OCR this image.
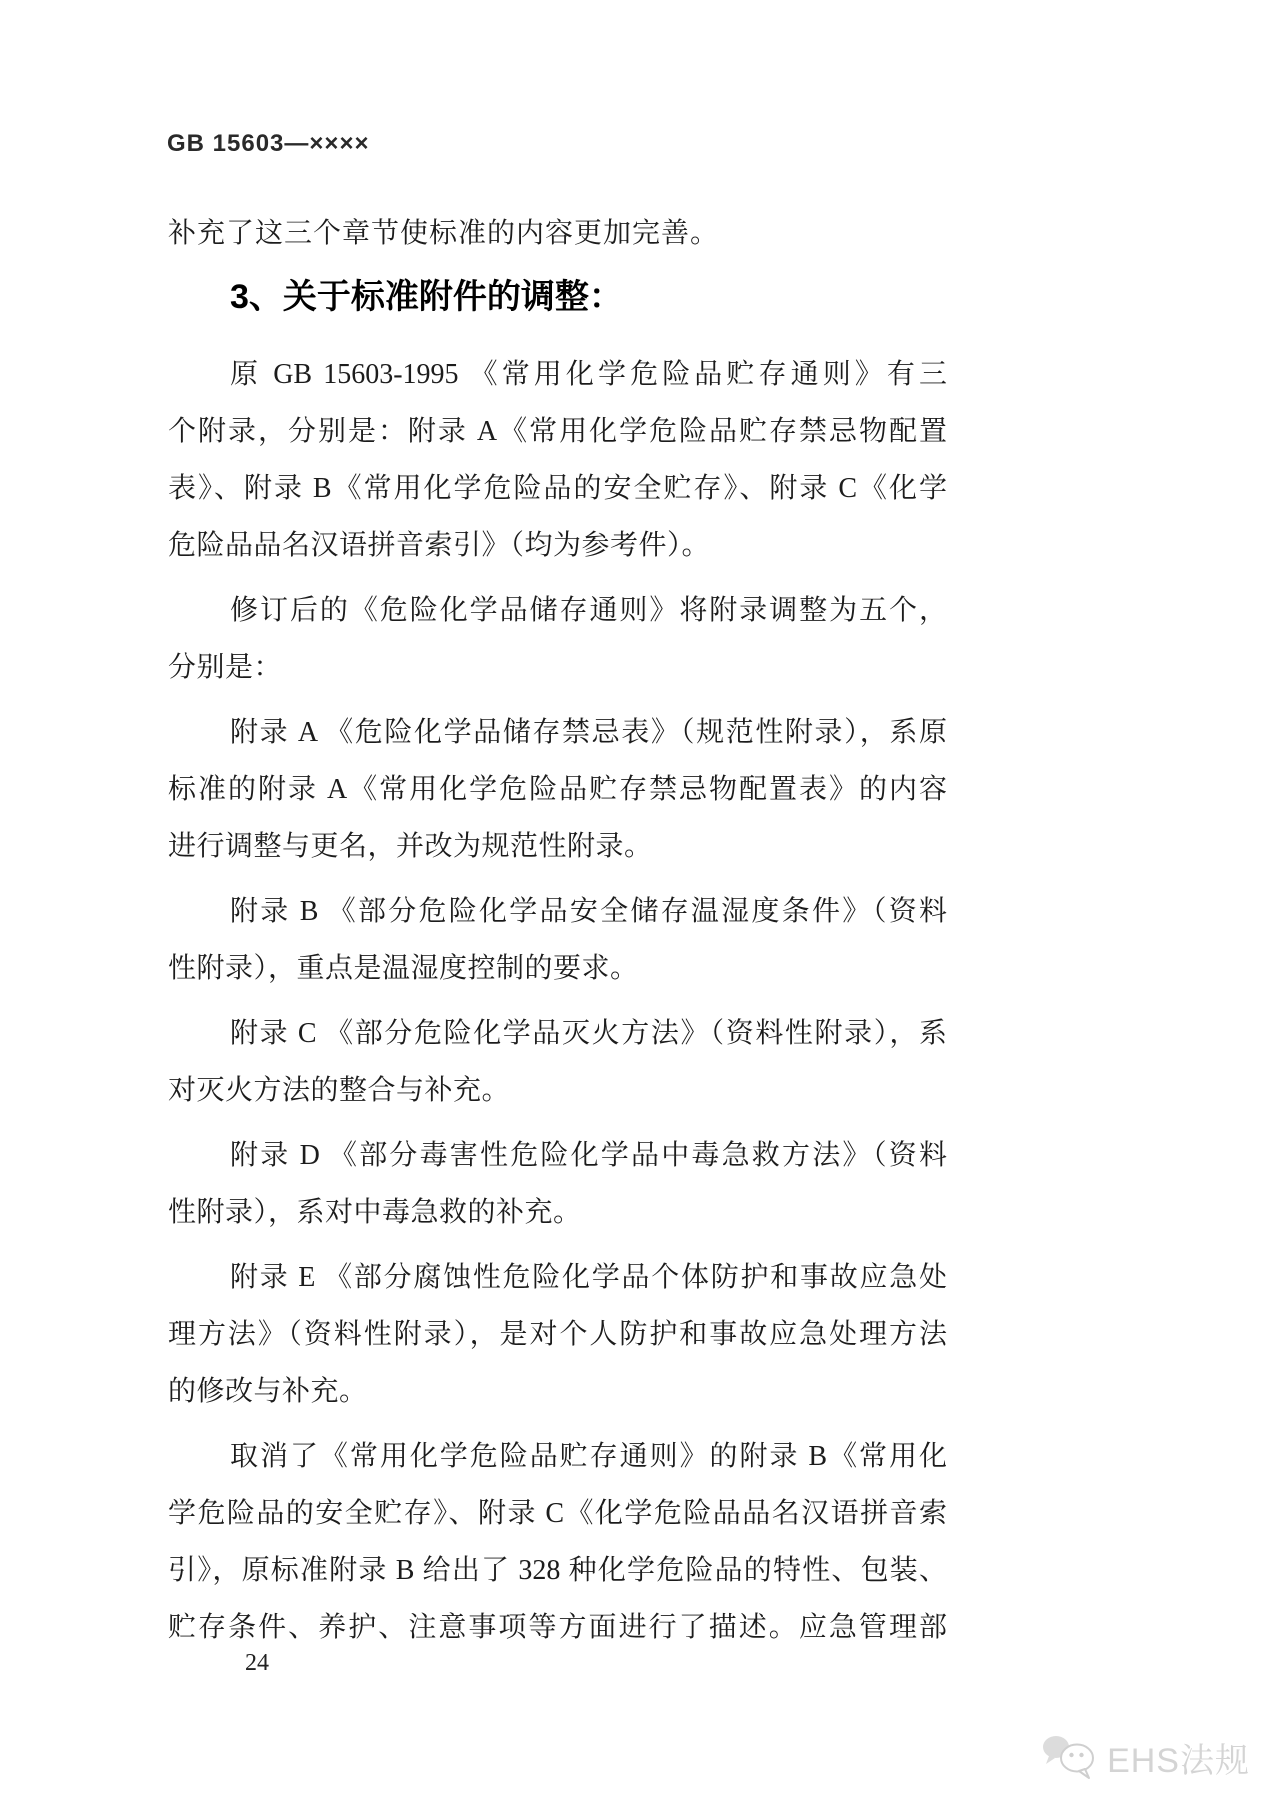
GB 15603—××××
补充了这三个章节使标准的内容更加完善。
3、关于标准附件的调整：
原 GB 15603-1995 《常用化学危险品贮存通则》有三
个附录，分别是：附录 A《常用化学危险品贮存禁忌物配置
表》、附录 B《常用化学危险品的安全贮存》、附录 C《化学
危险品品名汉语拼音索引》（均为参考件）。
修订后的《危险化学品储存通则》将附录调整为五个，
分别是：
附录 A 《危险化学品储存禁忌表》（规范性附录），系原
标准的附录 A《常用化学危险品贮存禁忌物配置表》的内容
进行调整与更名，并改为规范性附录。
附录 B 《部分危险化学品安全储存温湿度条件》（资料
性附录），重点是温湿度控制的要求。
附录 C 《部分危险化学品灭火方法》（资料性附录），系
对灭火方法的整合与补充。
附录 D 《部分毒害性危险化学品中毒急救方法》（资料
性附录），系对中毒急救的补充。
附录 E 《部分腐蚀性危险化学品个体防护和事故应急处
理方法》（资料性附录），是对个人防护和事故应急处理方法
的修改与补充。
取消了《常用化学危险品贮存通则》的附录 B《常用化
学危险品的安全贮存》、附录 C《化学危险品品名汉语拼音索
引》，原标准附录 B 给出了 328 种化学危险品的特性、包装、
贮存条件、养护、注意事项等方面进行了描述。应急管理部
24
EHS法规
